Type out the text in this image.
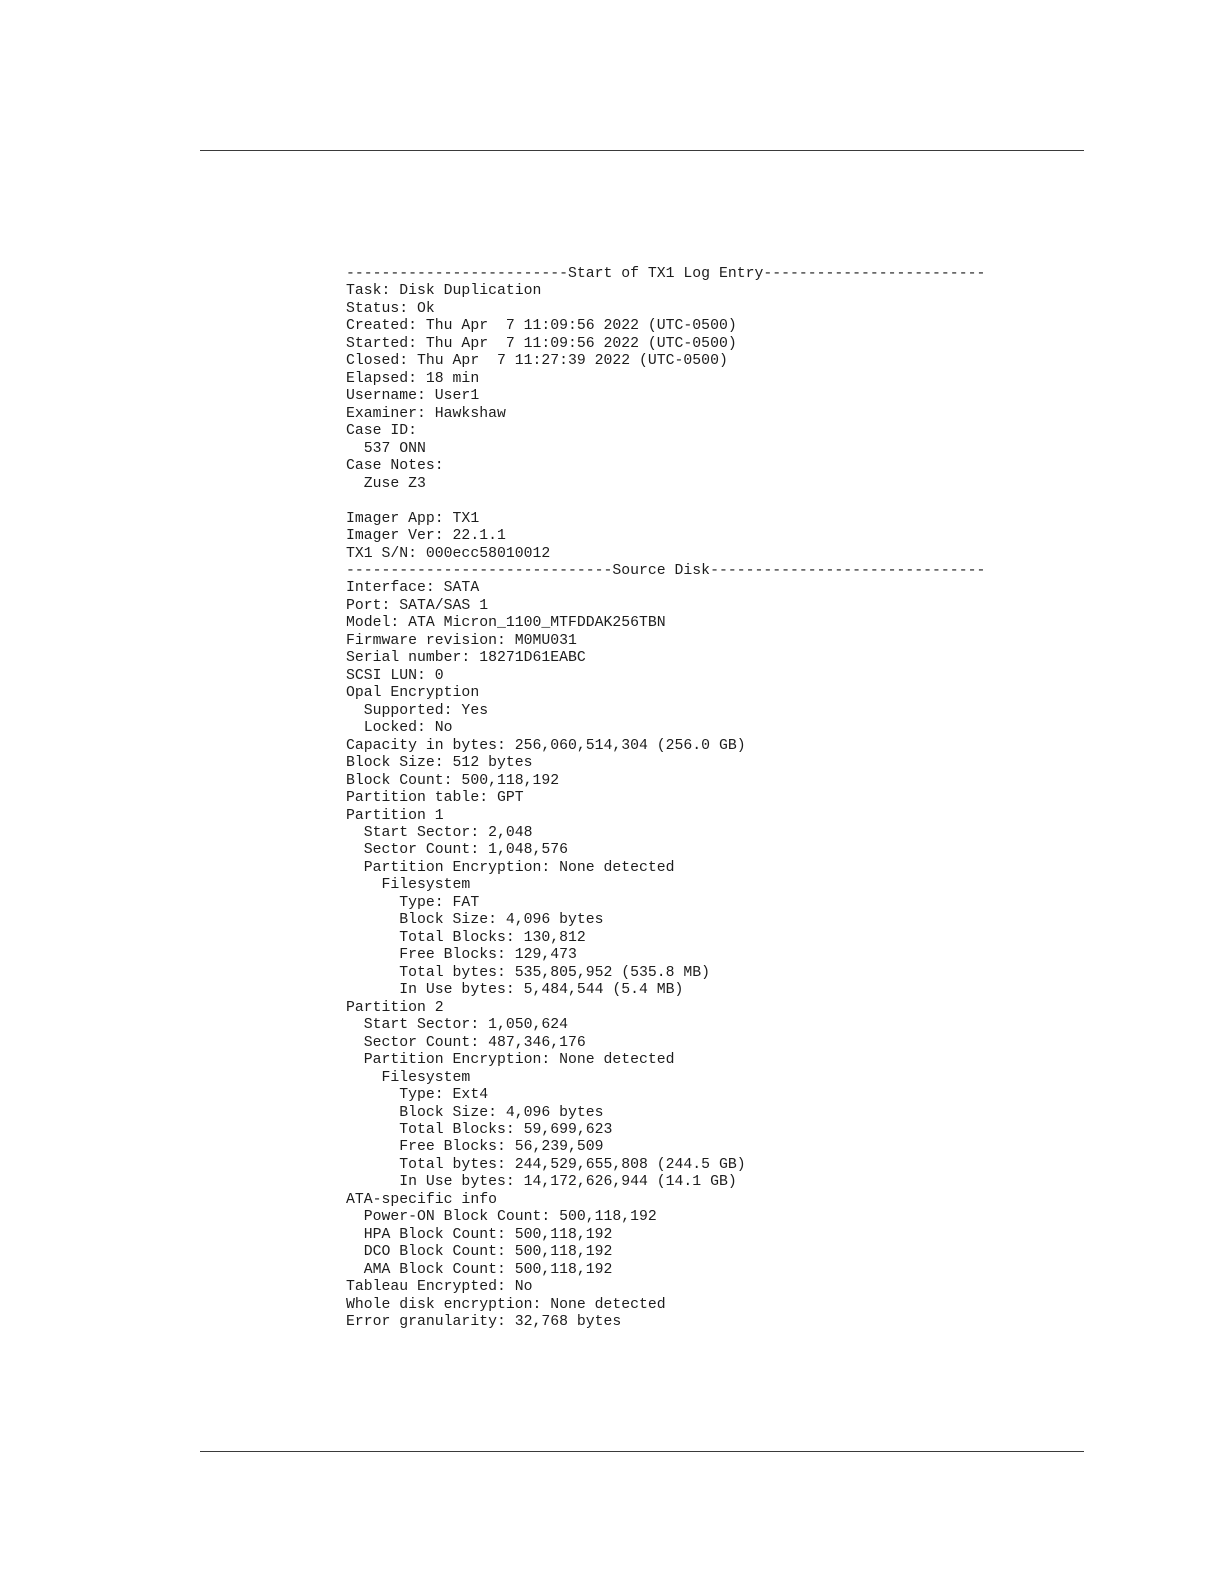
-------------------------Start of TX1 Log Entry-------------------------
Task: Disk Duplication
Status: Ok
Created: Thu Apr  7 11:09:56 2022 (UTC-0500)
Started: Thu Apr  7 11:09:56 2022 (UTC-0500)
Closed: Thu Apr  7 11:27:39 2022 (UTC-0500)
Elapsed: 18 min
Username: User1
Examiner: Hawkshaw
Case ID:
537 ONN
Case Notes:
Zuse Z3
Imager App: TX1
Imager Ver: 22.1.1
TX1 S/N: 000ecc58010012
------------------------------Source Disk-------------------------------
Interface: SATA
Port: SATA/SAS 1
Model: ATA Micron_1100_MTFDDAK256TBN
Firmware revision: M0MU031
Serial number: 18271D61EABC
SCSI LUN: 0
Opal Encryption
Supported: Yes
Locked: No
Capacity in bytes: 256,060,514,304 (256.0 GB)
Block Size: 512 bytes
Block Count: 500,118,192
Partition table: GPT
Partition 1
Start Sector: 2,048
Sector Count: 1,048,576
Partition Encryption: None detected
Filesystem
Type: FAT
Block Size: 4,096 bytes
Total Blocks: 130,812
Free Blocks: 129,473
Total bytes: 535,805,952 (535.8 MB)
In Use bytes: 5,484,544 (5.4 MB)
Partition 2
Start Sector: 1,050,624
Sector Count: 487,346,176
Partition Encryption: None detected
Filesystem
Type: Ext4
Block Size: 4,096 bytes
Total Blocks: 59,699,623
Free Blocks: 56,239,509
Total bytes: 244,529,655,808 (244.5 GB)
In Use bytes: 14,172,626,944 (14.1 GB)
ATA-specific info
Power-ON Block Count: 500,118,192
HPA Block Count: 500,118,192
DCO Block Count: 500,118,192
AMA Block Count: 500,118,192
Tableau Encrypted: No
Whole disk encryption: None detected
Error granularity: 32,768 bytes
